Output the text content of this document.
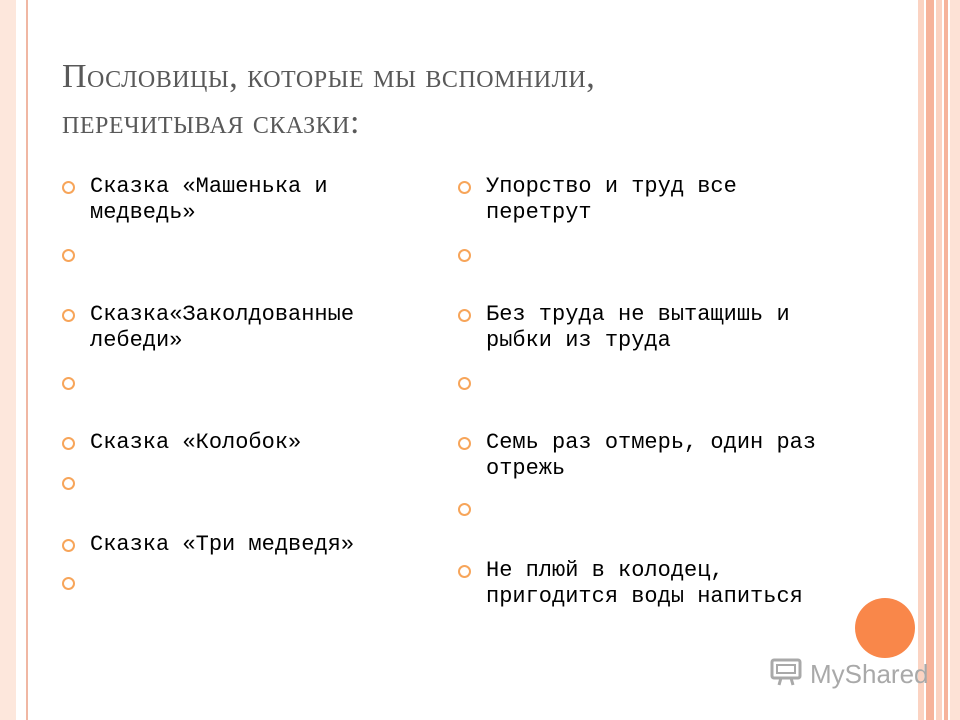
Пословицы, которые мы вспомнили,
перечитывая сказки:
Сказка «Машенька и медведь»
Сказка«Заколдованные лебеди»
Сказка «Колобок»
Сказка «Три медведя»
Упорство и труд все перетрут
Без труда не вытащишь и рыбки из труда
Семь раз отмерь, один раз отрежь
Не плюй в колодец, пригодится воды напиться
MyShared
